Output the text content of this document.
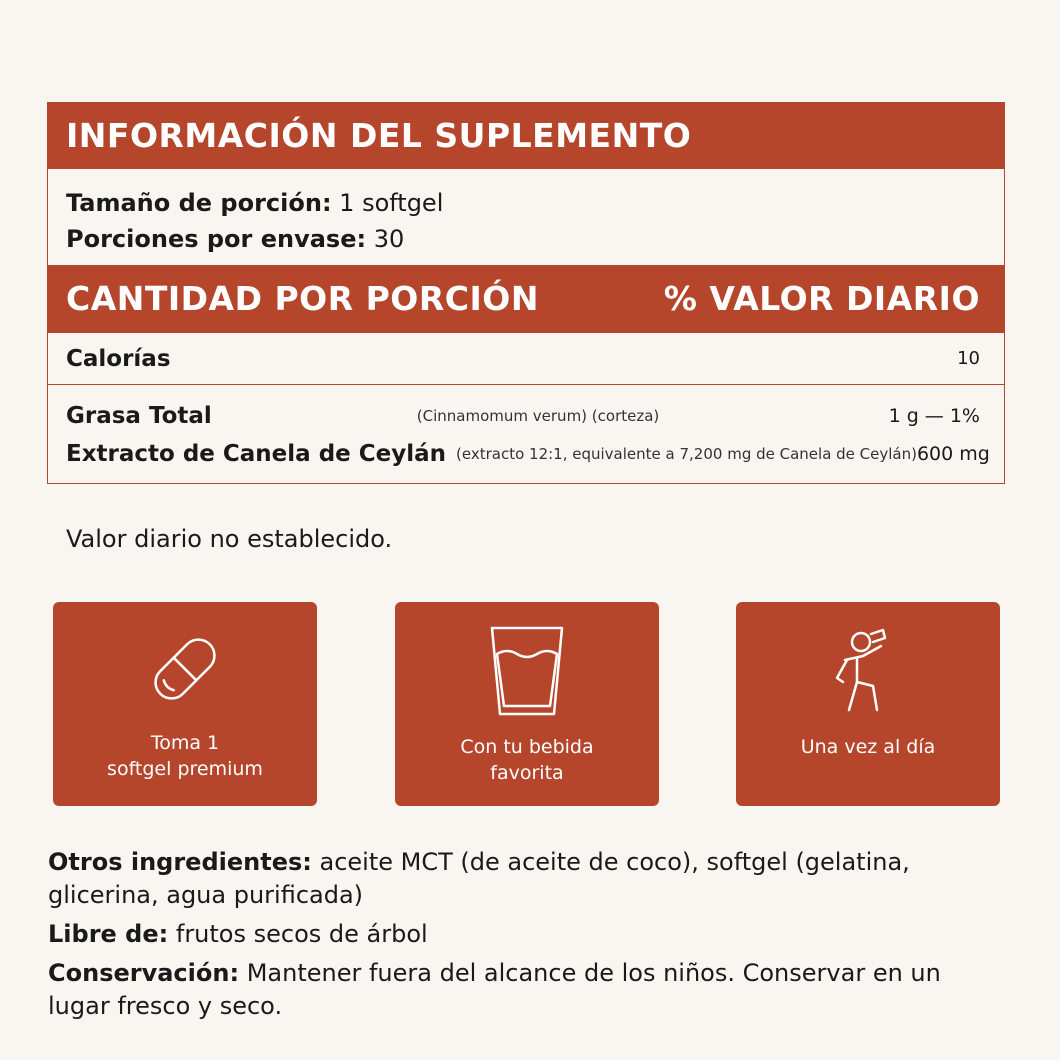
INFORMACIÓN DEL SUPLEMENTO
Tamaño de porción: 1 softgel
Porciones por envase: 30
CANTIDAD POR PORCIÓN	% VALOR DIARIO
Calorías	10
Grasa Total	(Cinnamomum verum) (corteza)	1 g — 1%
Extracto de Canela de Ceylán (extracto 12:1, equivalente a 7,200 mg de Canela de Ceylán) 600 mg
Valor diario no establecido.
Toma 1
softgel premium
Con tu bebida
favorita
Una vez al día

Otros ingredientes: aceite MCT (de aceite de coco), softgel (gelatina, glicerina, agua purificada)

Libre de: frutos secos de árbol

Conservación: Mantener fuera del alcance de los niños. Conservar en un lugar fresco y seco.
